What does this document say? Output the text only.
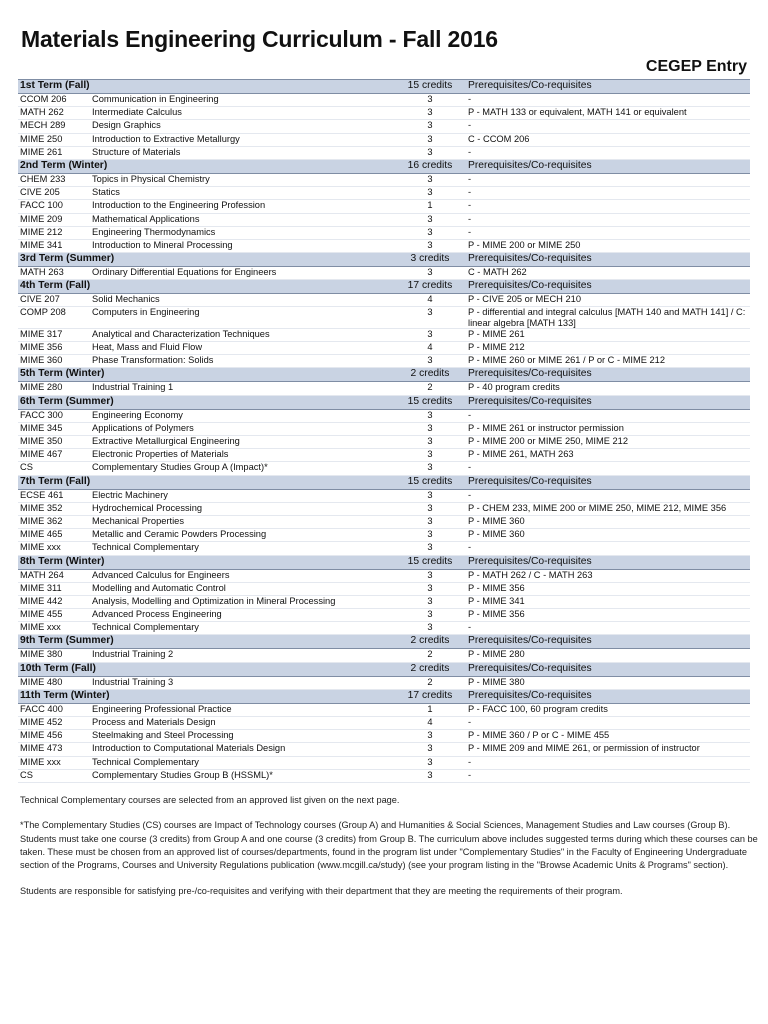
Materials Engineering Curriculum - Fall 2016
CEGEP Entry
1st Term (Fall)		15 credits	Prerequisites/Co-requisites
CCOM 206	Communication in Engineering	3	-
MATH 262	Intermediate Calculus	3	P - MATH 133 or equivalent, MATH 141 or equivalent
MECH 289	Design Graphics	3	-
MIME 250	Introduction to Extractive Metallurgy	3	C - CCOM 206
MIME 261	Structure of Materials	3	-
2nd Term (Winter)		16 credits	Prerequisites/Co-requisites
CHEM 233	Topics in Physical Chemistry	3	-
CIVE 205	Statics	3	-
FACC 100	Introduction to the Engineering Profession	1	-
MIME 209	Mathematical Applications	3	-
MIME 212	Engineering Thermodynamics	3	-
MIME 341	Introduction to Mineral Processing	3	P - MIME 200 or MIME 250
3rd Term (Summer)		3 credits	Prerequisites/Co-requisites
MATH 263	Ordinary Differential Equations for Engineers	3	C - MATH 262
4th Term (Fall)		17 credits	Prerequisites/Co-requisites
CIVE 207	Solid Mechanics	4	P - CIVE 205 or MECH 210
COMP 208	Computers in Engineering	3	P - differential and integral calculus [MATH 140 and MATH 141] / C: linear algebra [MATH 133]
MIME 317	Analytical and Characterization Techniques	3	P - MIME 261
MIME 356	Heat, Mass and Fluid Flow	4	P - MIME 212
MIME 360	Phase Transformation: Solids	3	P - MIME 260 or MIME 261 / P or C - MIME 212
5th Term (Winter)		2 credits	Prerequisites/Co-requisites
MIME 280	Industrial Training 1	2	P - 40 program credits
6th Term (Summer)		15 credits	Prerequisites/Co-requisites
FACC 300	Engineering Economy	3	-
MIME 345	Applications of Polymers	3	P - MIME 261 or instructor permission
MIME 350	Extractive Metallurgical Engineering	3	P - MIME 200 or MIME 250, MIME 212
MIME 467	Electronic Properties of Materials	3	P - MIME 261, MATH 263
CS	Complementary Studies Group A (Impact)*	3	-
7th Term (Fall)		15 credits	Prerequisites/Co-requisites
ECSE 461	Electric Machinery	3	-
MIME 352	Hydrochemical Processing	3	P - CHEM 233, MIME 200 or MIME 250, MIME 212, MIME 356
MIME 362	Mechanical Properties	3	P - MIME 360
MIME 465	Metallic and Ceramic Powders Processing	3	P - MIME 360
MIME xxx	Technical Complementary	3	-
8th Term (Winter)		15 credits	Prerequisites/Co-requisites
MATH 264	Advanced Calculus for Engineers	3	P - MATH 262 / C - MATH 263
MIME 311	Modelling and Automatic Control	3	P - MIME 356
MIME 442	Analysis, Modelling and Optimization in Mineral Processing	3	P - MIME 341
MIME 455	Advanced Process Engineering	3	P - MIME 356
MIME xxx	Technical Complementary	3	-
9th Term (Summer)		2 credits	Prerequisites/Co-requisites
MIME 380	Industrial Training 2	2	P - MIME 280
10th Term (Fall)		2 credits	Prerequisites/Co-requisites
MIME 480	Industrial Training 3	2	P - MIME 380
11th Term (Winter)		17 credits	Prerequisites/Co-requisites
FACC 400	Engineering Professional Practice	1	P - FACC 100, 60 program credits
MIME 452	Process and Materials Design	4	-
MIME 456	Steelmaking and Steel Processing	3	P - MIME 360 / P or C - MIME 455
MIME 473	Introduction to Computational Materials Design	3	P - MIME 209 and MIME 261, or permission of instructor
MIME xxx	Technical Complementary	3	-
CS	Complementary Studies Group B (HSSML)*	3	-

Technical Complementary courses are selected from an approved list given on the next page.

*The Complementary Studies (CS) courses are Impact of Technology courses (Group A) and Humanities & Social Sciences, Management Studies and Law courses (Group B). Students must take one course (3 credits) from Group A and one course (3 credits) from Group B. The curriculum above includes suggested terms during which these courses can be taken. These must be chosen from an approved list of courses/departments, found in the program list under "Complementary Studies" in the Faculty of Engineering Undergraduate section of the Programs, Courses and University Regulations publication (www.mcgill.ca/study) (see your program listing in the "Browse Academic Units & Programs" section).

Students are responsible for satisfying pre-/co-requisites and verifying with their department that they are meeting the requirements of their program.
